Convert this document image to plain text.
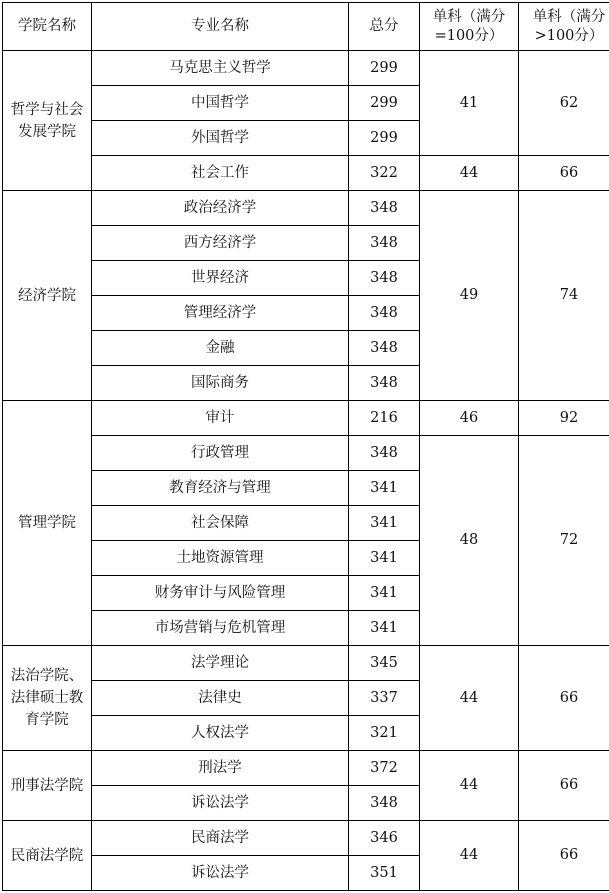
学院名称	专业名称	总分	单科（满分=100分）	单科（满分>100分）

哲学与社会发展学院	马克思主义哲学	299	41	62
	中国哲学	299		
	外国哲学	299		
	社会工作	322	44	66

经济学院	政治经济学	348	49	74
	西方经济学	348		
	世界经济	348		
	管理经济学	348		
	金融	348		
	国际商务	348		

管理学院	审计	216	46	92
	行政管理	348	48	72
	教育经济与管理	341		
	社会保障	341		
	土地资源管理	341		
	财务审计与风险管理	341		
	市场营销与危机管理	341		

法治学院、法律硕士教育学院	法学理论	345	44	66
	法律史	337		
	人权法学	321		

刑事法学院	刑法学	372	44	66
	诉讼法学	348		

民商法学院	民商法学	346	44	66
	诉讼法学	351		
